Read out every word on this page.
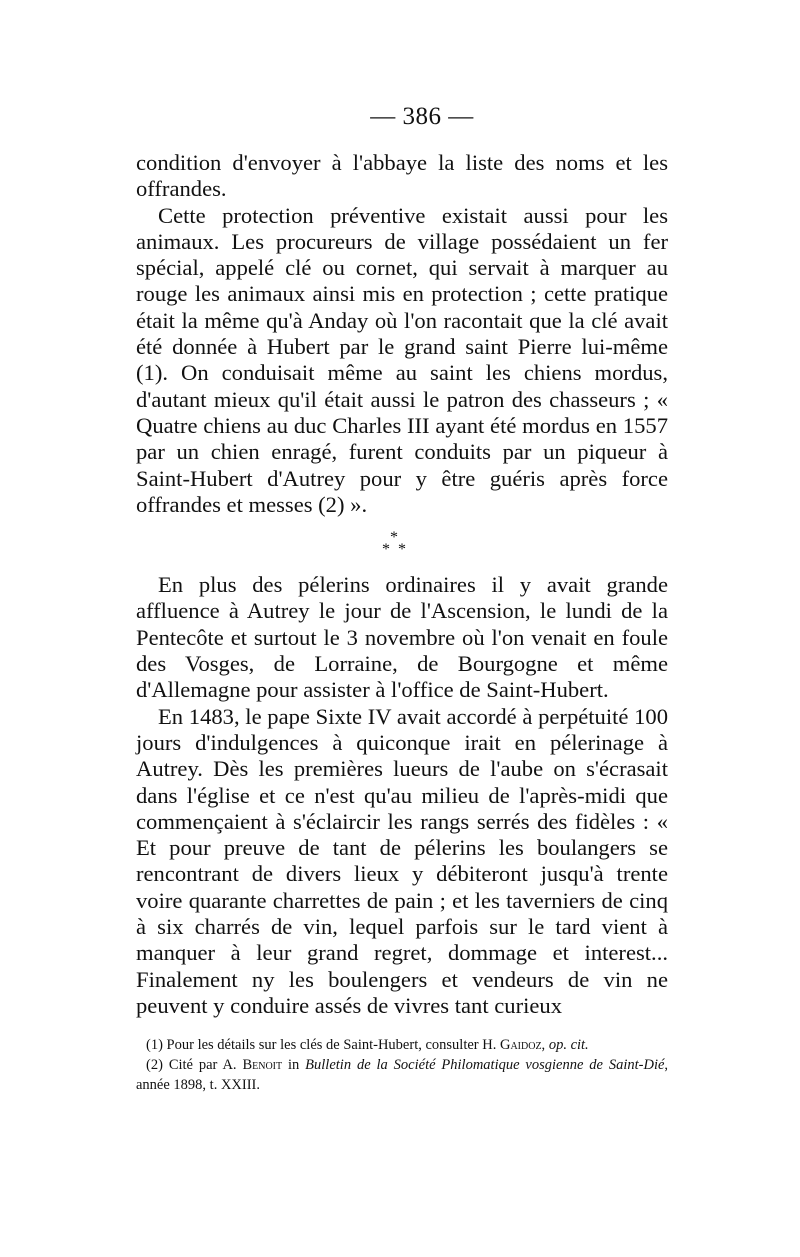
— 386 —

condition d'envoyer à l'abbaye la liste des noms et les offrandes.

Cette protection préventive existait aussi pour les animaux. Les procureurs de village possédaient un fer spécial, appelé clé ou cornet, qui servait à marquer au rouge les animaux ainsi mis en protection ; cette pratique était la même qu'à Anday où l'on racontait que la clé avait été donnée à Hubert par le grand saint Pierre lui-même (1). On conduisait même au saint les chiens mordus, d'autant mieux qu'il était aussi le patron des chasseurs ; « Quatre chiens au duc Charles III ayant été mordus en 1557 par un chien enragé, furent conduits par un piqueur à Saint-Hubert d'Autrey pour y être guéris après force offrandes et messes (2) ».

*
* *

En plus des pélerins ordinaires il y avait grande affluence à Autrey le jour de l'Ascension, le lundi de la Pentecôte et surtout le 3 novembre où l'on venait en foule des Vosges, de Lorraine, de Bourgogne et même d'Allemagne pour assister à l'office de Saint-Hubert.

En 1483, le pape Sixte IV avait accordé à perpétuité 100 jours d'indulgences à quiconque irait en pélerinage à Autrey. Dès les premières lueurs de l'aube on s'écrasait dans l'église et ce n'est qu'au milieu de l'après-midi que commençaient à s'éclaircir les rangs serrés des fidèles : « Et pour preuve de tant de pélerins les boulangers se rencontrant de divers lieux y débiteront jusqu'à trente voire quarante charrettes de pain ; et les taverniers de cinq à six charrés de vin, lequel parfois sur le tard vient à manquer à leur grand regret, dommage et interest... Finalement ny les boulengers et vendeurs de vin ne peuvent y conduire assés de vivres tant curieux

(1) Pour les détails sur les clés de Saint-Hubert, consulter H. Gaidoz, op. cit.

(2) Cité par A. Benoit in Bulletin de la Société Philomatique vosgienne de Saint-Dié, année 1898, t. XXIII.
